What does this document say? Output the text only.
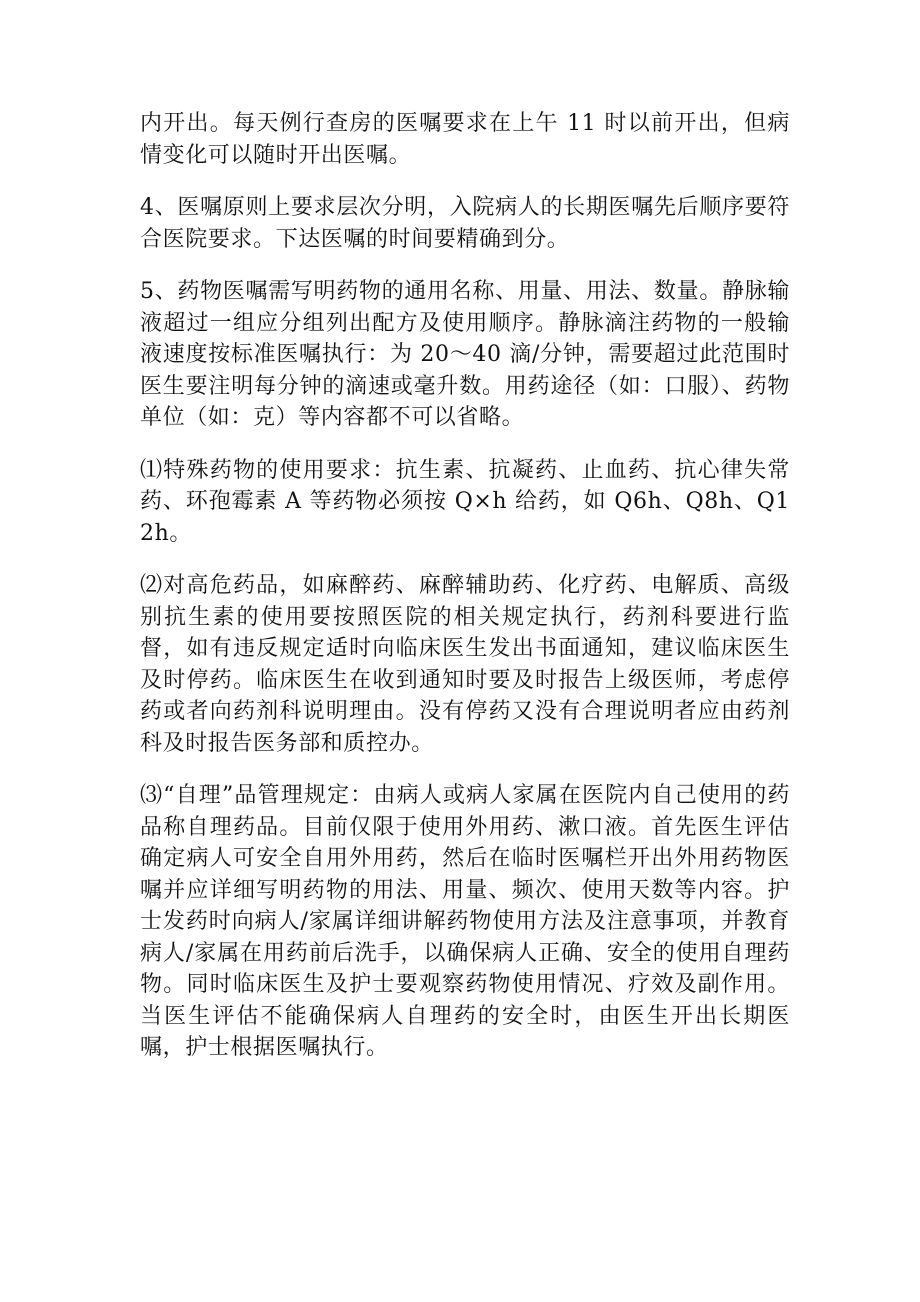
内开出。每天例行查房的医嘱要求在上午 11 时以前开出，但病情变化可以随时开出医嘱。

4、医嘱原则上要求层次分明，入院病人的长期医嘱先后顺序要符合医院要求。下达医嘱的时间要精确到分。

5、药物医嘱需写明药物的通用名称、用量、用法、数量。静脉输液超过一组应分组列出配方及使用顺序。静脉滴注药物的一般输液速度按标准医嘱执行：为 20～40 滴/分钟，需要超过此范围时医生要注明每分钟的滴速或毫升数。用药途径（如：口服）、药物单位（如：克）等内容都不可以省略。

⑴特殊药物的使用要求：抗生素、抗凝药、止血药、抗心律失常药、环孢霉素 A 等药物必须按 Q×h 给药，如 Q6h、Q8h、Q12h。

⑵对高危药品，如麻醉药、麻醉辅助药、化疗药、电解质、高级别抗生素的使用要按照医院的相关规定执行，药剂科要进行监督，如有违反规定适时向临床医生发出书面通知，建议临床医生及时停药。临床医生在收到通知时要及时报告上级医师，考虑停药或者向药剂科说明理由。没有停药又没有合理说明者应由药剂科及时报告医务部和质控办。

⑶“自理”品管理规定：由病人或病人家属在医院内自己使用的药品称自理药品。目前仅限于使用外用药、漱口液。首先医生评估确定病人可安全自用外用药，然后在临时医嘱栏开出外用药物医嘱并应详细写明药物的用法、用量、频次、使用天数等内容。护士发药时向病人/家属详细讲解药物使用方法及注意事项，并教育病人/家属在用药前后洗手，以确保病人正确、安全的使用自理药物。同时临床医生及护士要观察药物使用情况、疗效及副作用。当医生评估不能确保病人自理药的安全时，由医生开出长期医嘱，护士根据医嘱执行。
